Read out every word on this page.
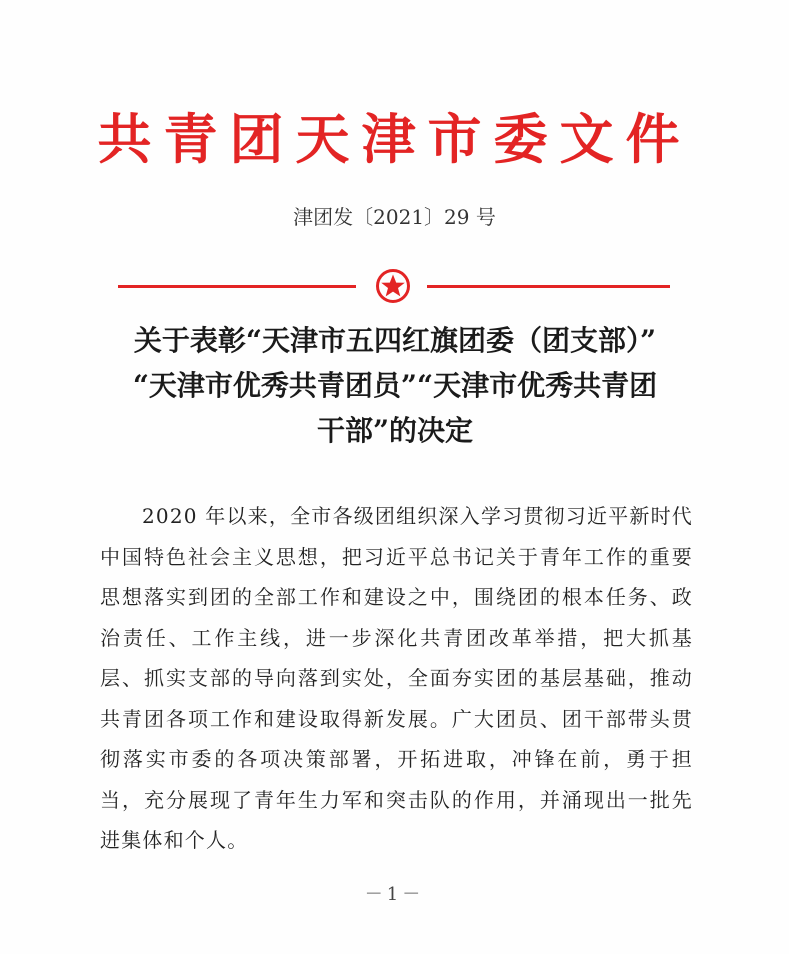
共青团天津市委文件
津团发〔2021〕29 号
关于表彰“天津市五四红旗团委（团支部）”
“天津市优秀共青团员”“天津市优秀共青团
干部”的决定

2020 年以来，全市各级团组织深入学习贯彻习近平新时代中国特色社会主义思想，把习近平总书记关于青年工作的重要思想落实到团的全部工作和建设之中，围绕团的根本任务、政治责任、工作主线，进一步深化共青团改革举措，把大抓基层、抓实支部的导向落到实处，全面夯实团的基层基础，推动共青团各项工作和建设取得新发展。广大团员、团干部带头贯彻落实市委的各项决策部署，开拓进取，冲锋在前，勇于担当，充分展现了青年生力军和突击队的作用，并涌现出一批先进集体和个人。

－1－
